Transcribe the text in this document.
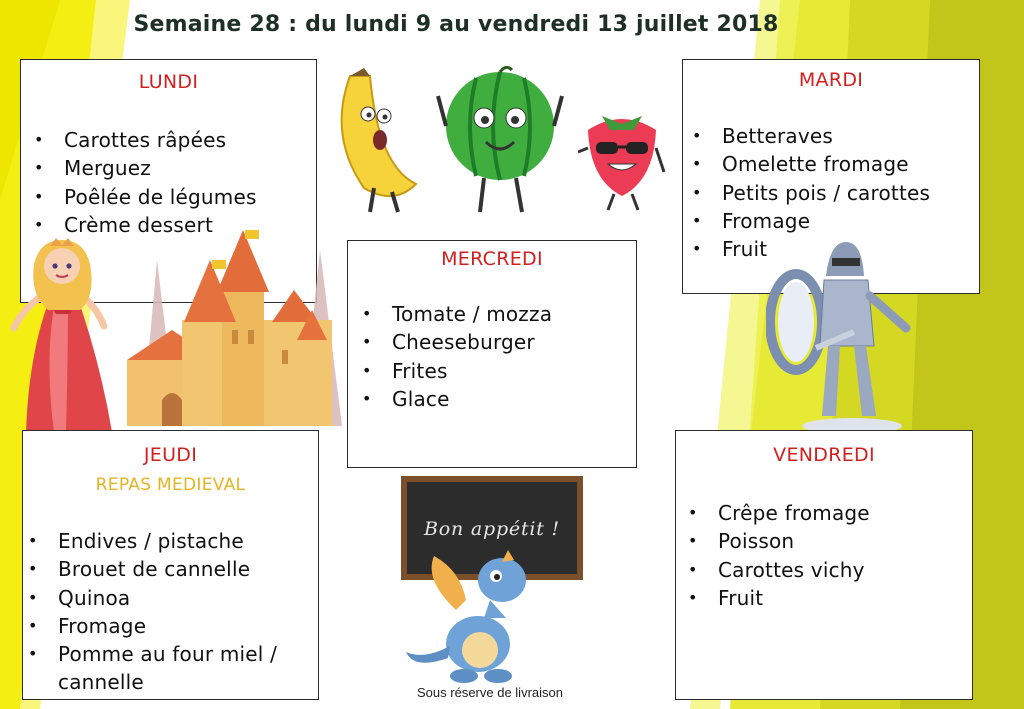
Semaine 28 : du lundi 9 au vendredi 13 juillet 2018
LUNDI
• Carottes râpées
• Merguez
• Poêlée de légumes
• Crème dessert
MARDI
• Betteraves
• Omelette fromage
• Petits pois / carottes
• Fromage
• Fruit
MERCREDI
• Tomate / mozza
• Cheeseburger
• Frites
• Glace
JEUDI
REPAS MEDIEVAL
• Endives / pistache
• Brouet de cannelle
• Quinoa
• Fromage
• Pomme au four miel /
cannelle
VENDREDI
• Crêpe fromage
• Poisson
• Carottes vichy
• Fruit
Bon appétit !
Sous réserve de livraison
